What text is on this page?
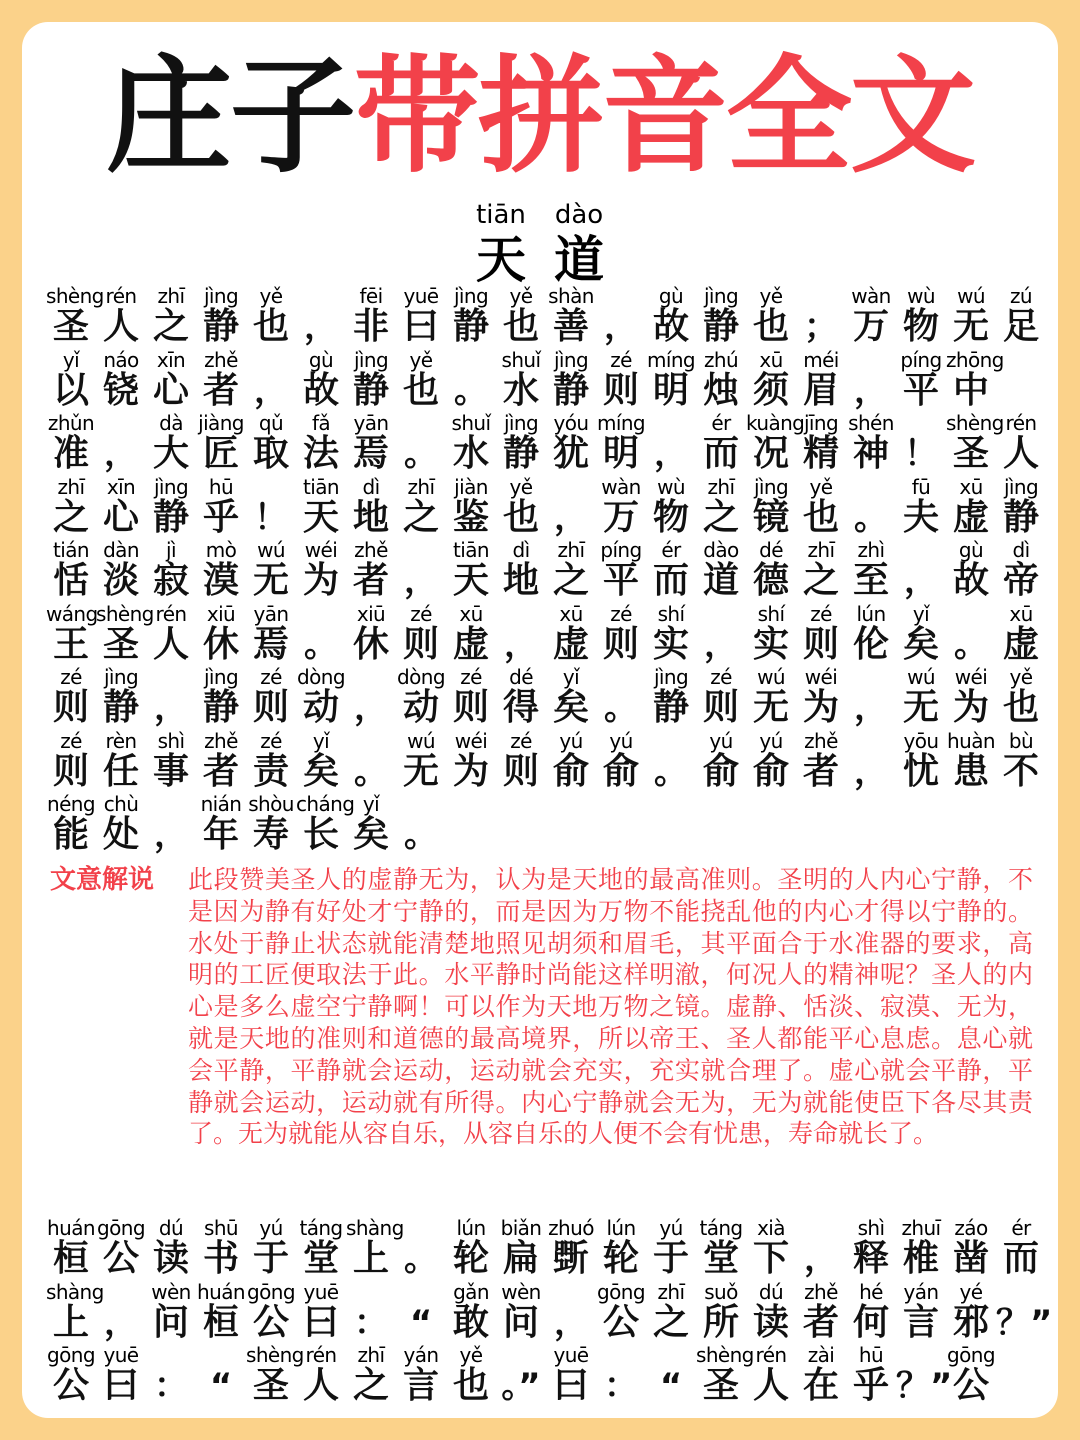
庄子带拼音全文
tiān
天
dào
道
shèng
圣
rén
人
zhī
之
jìng
静
yě
也 ，
fēi
非
yuē
曰
jìng
静
yě
也
shàn
善 ，
gù
故
jìng
静
yě
也 ；
wàn
万
wù
物
wú
无
zú
足
yǐ
以
náo
铙
xīn
心
zhě
者 ，
gù
故
jìng
静
yě
也 。
shuǐ
水
jìng
静
zé
则
míng
明
zhú
烛
xū
须
méi
眉 ，
píng
平
zhōng
中
zhǔn
准 ，
dà
大
jiàng
匠
qǔ
取
fǎ
法
yān
焉 。
shuǐ
水
jìng
静
yóu
犹
míng
明 ，
ér
而
kuàng
况
jīng
精
shén
神 ！
shèng
圣
rén
人
zhī
之
xīn
心
jìng
静
hū
乎 ！
tiān
天
dì
地
zhī
之
jiàn
鉴
yě
也 ，
wàn
万
wù
物
zhī
之
jìng
镜
yě
也 。
fū
夫
xū
虚
jìng
静
tián
恬
dàn
淡
jì
寂
mò
漠
wú
无
wéi
为
zhě
者 ，
tiān
天
dì
地
zhī
之
píng
平
ér
而
dào
道
dé
德
zhī
之
zhì
至 ，
gù
故
dì
帝
wáng
王
shèng
圣
rén
人
xiū
休
yān
焉 。
xiū
休
zé
则
xū
虚 ，
xū
虚
zé
则
shí
实 ，
shí
实
zé
则
lún
伦
yǐ
矣 。
xū
虚
zé
则
jìng
静 ，
jìng
静
zé
则
dòng
动 ，
dòng
动
zé
则
dé
得
yǐ
矣 。
jìng
静
zé
则
wú
无
wéi
为 ，
wú
无
wéi
为
yě
也
zé
则
rèn
任
shì
事
zhě
者
zé
责
yǐ
矣 。
wú
无
wéi
为
zé
则
yú
俞
yú
俞 。
yú
俞
yú
俞
zhě
者 ，
yōu
忧
huàn
患
bù
不
néng
能
chù
处 ，
nián
年
shòu
寿
cháng
长
yǐ
矣 。
文意解说 此段赞美圣人的虚静无为，认为是天地的最高准则。圣明的人内心宁静，不是因为静有好处才宁静的，而是因为万物不能挠乱他的内心才得以宁静的。水处于静止状态就能清楚地照见胡须和眉毛，其平面合于水准器的要求，高明的工匠便取法于此。水平静时尚能这样明澈，何况人的精神呢？圣人的内心是多么虚空宁静啊！可以作为天地万物之镜。虚静、恬淡、寂漠、无为，就是天地的准则和道德的最高境界，所以帝王、圣人都能平心息虑。息心就会平静，平静就会运动，运动就会充实，充实就合理了。虚心就会平静，平静就会运动，运动就有所得。内心宁静就会无为，无为就能使臣下各尽其责了。无为就能从容自乐，从容自乐的人便不会有忧患，寿命就长了。
huán
桓
gōng
公
dú
读
shū
书
yú
于
táng
堂
shàng
上 。
lún
轮
biǎn
扁
zhuó
斲
lún
轮
yú
于
táng
堂
xià
下 ，
shì
释
zhuī
椎
záo
凿
ér
而
shàng
上 ，
wèn
问
huán
桓
gōng
公
yuē
曰 ： “
gǎn
敢
wèn
问 ，
gōng
公
zhī
之
suǒ
所
dú
读
zhě
者
hé
何
yán
言
yé
邪 ？”
gōng
公
yuē
曰 ： “
shèng
圣
rén
人
zhī
之
yán
言
yě
也 。”
yuē
曰 ： “
shèng
圣
rén
人
zài
在
hū
乎 ？”
gōng
公
